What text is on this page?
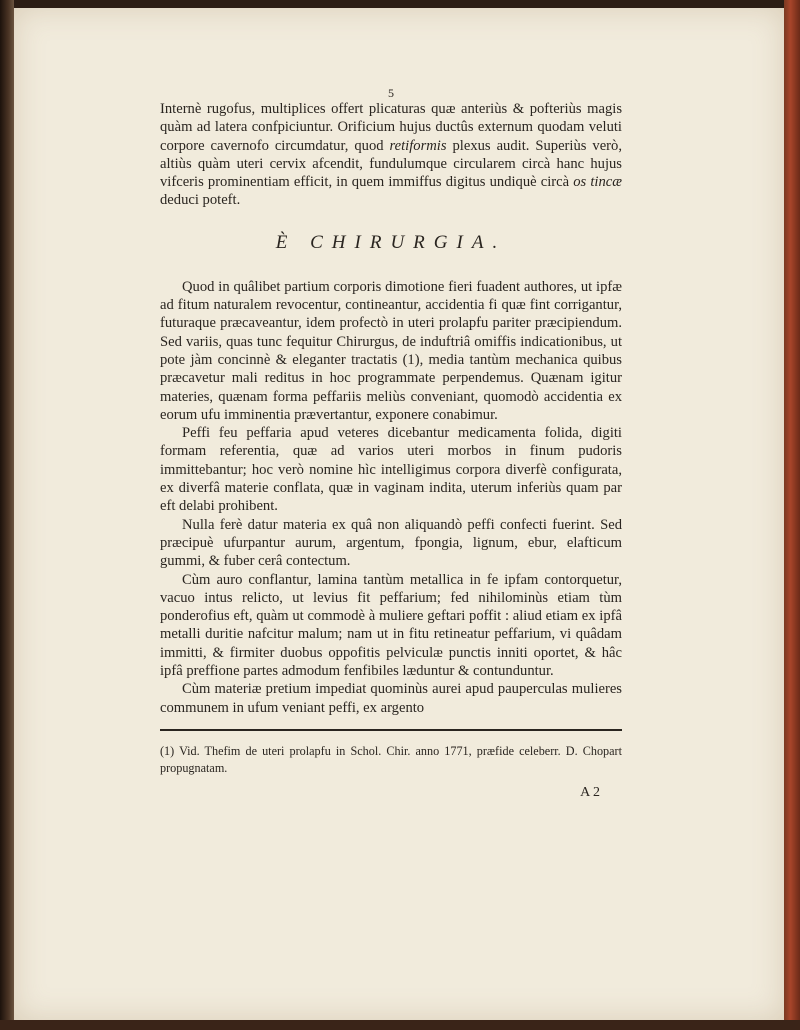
5

Internè rugofus, multiplices offert plicaturas quæ anteriùs & pofteriùs magis quàm ad latera confpiciuntur. Orificium hujus ductûs externum quodam veluti corpore cavernofo circumdatur, quod retiformis plexus audit. Superiùs verò, altiùs quàm uteri cervix afcendit, fundulumque circularem circà hanc hujus vifceris prominentiam efficit, in quem immiffus digitus undiquè circà os tincæ deduci poteft.

È CHIRURGIA.

Quod in quâlibet partium corporis dimotione fieri fuadent authores, ut ipfæ ad fitum naturalem revocentur, contineantur, accidentia fi quæ fint corrigantur, futuraque præcaveantur, idem profectò in uteri prolapfu pariter præcipiendum. Sed variis, quas tunc fequitur Chirurgus, de induftriâ omiffis indicationibus, ut pote jàm concinnè & eleganter tractatis (1), media tantùm mechanica quibus præcavetur mali reditus in hoc programmate perpendemus. Quænam igitur materies, quænam forma peffariis meliùs conveniant, quomodò accidentia ex eorum ufu imminentia prævertantur, exponere conabimur.

Peffi feu peffaria apud veteres dicebantur medicamenta folida, digiti formam referentia, quæ ad varios uteri morbos in finum pudoris immittebantur; hoc verò nomine hìc intelligimus corpora diverfè configurata, ex diverfâ materie conflata, quæ in vaginam indita, uterum inferiùs quam par eft delabi prohibent.

Nulla ferè datur materia ex quâ non aliquandò peffi confecti fuerint. Sed præcipuè ufurpantur aurum, argentum, fpongia, lignum, ebur, elafticum gummi, & fuber cerâ contectum.

Cùm auro conflantur, lamina tantùm metallica in fe ipfam contorquetur, vacuo intus relicto, ut levius fit peffarium; fed nihilominùs etiam tùm ponderofius eft, quàm ut commodè à muliere geftari poffit : aliud etiam ex ipfâ metalli duritie nafcitur malum; nam ut in fitu retineatur peffarium, vi quâdam immitti, & firmiter duobus oppofitis pelviculæ punctis inniti oportet, & hâc ipfâ preffione partes admodum fenfibiles læduntur & contunduntur.

Cùm materiæ pretium impediat quominùs aurei apud pauperculas mulieres communem in ufum veniant peffi, ex argento

(1) Vid. Thefim de uteri prolapfu in Schol. Chir. anno 1771, præfide celeberr. D. Chopart propugnatam.
A 2
